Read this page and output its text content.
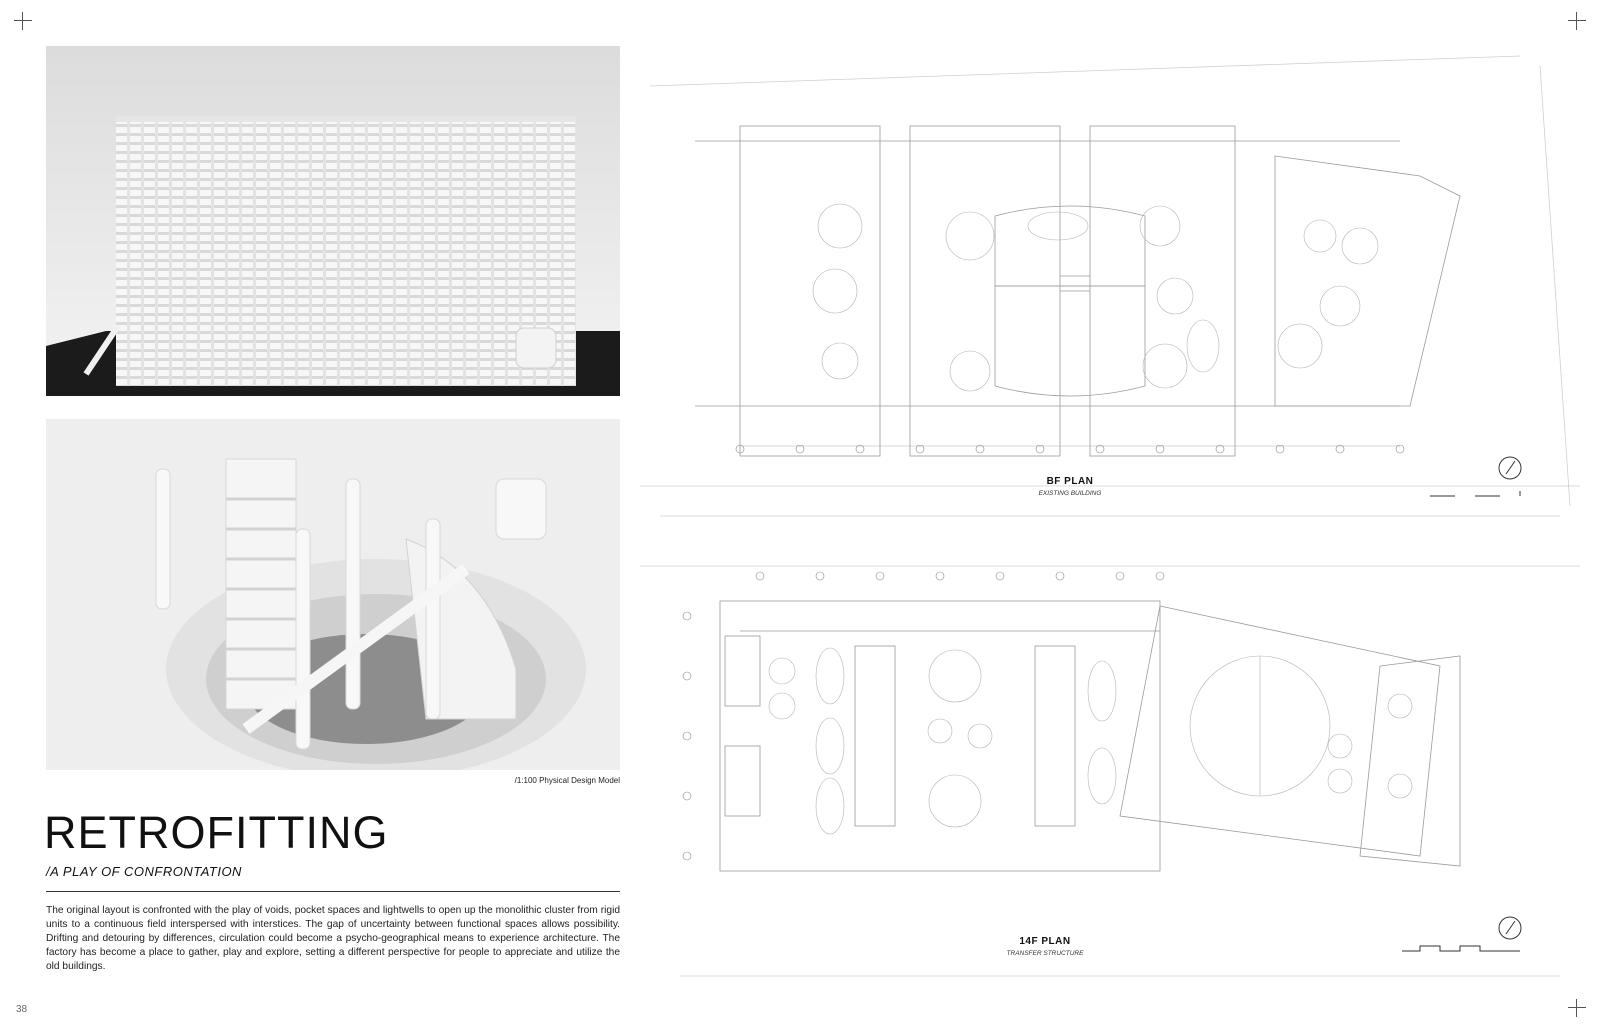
/1:100 Physical Design Model
RETROFITTING
/A PLAY OF CONFRONTATION

The original layout is confronted with the play of voids, pocket spaces and lightwells to open up the monolithic cluster from rigid units to a continuous field interspersed with interstices. The gap of uncertainty between functional spaces allows possibility. Drifting and detouring by differences, circulation could become a psycho-geographical means to experience architecture. The factory has become a place to gather, play and explore, setting a different perspective for people to appreciate and utilize the old buildings.

38
BF PLAN
EXISTING BUILDING
14F PLAN
TRANSFER STRUCTURE
